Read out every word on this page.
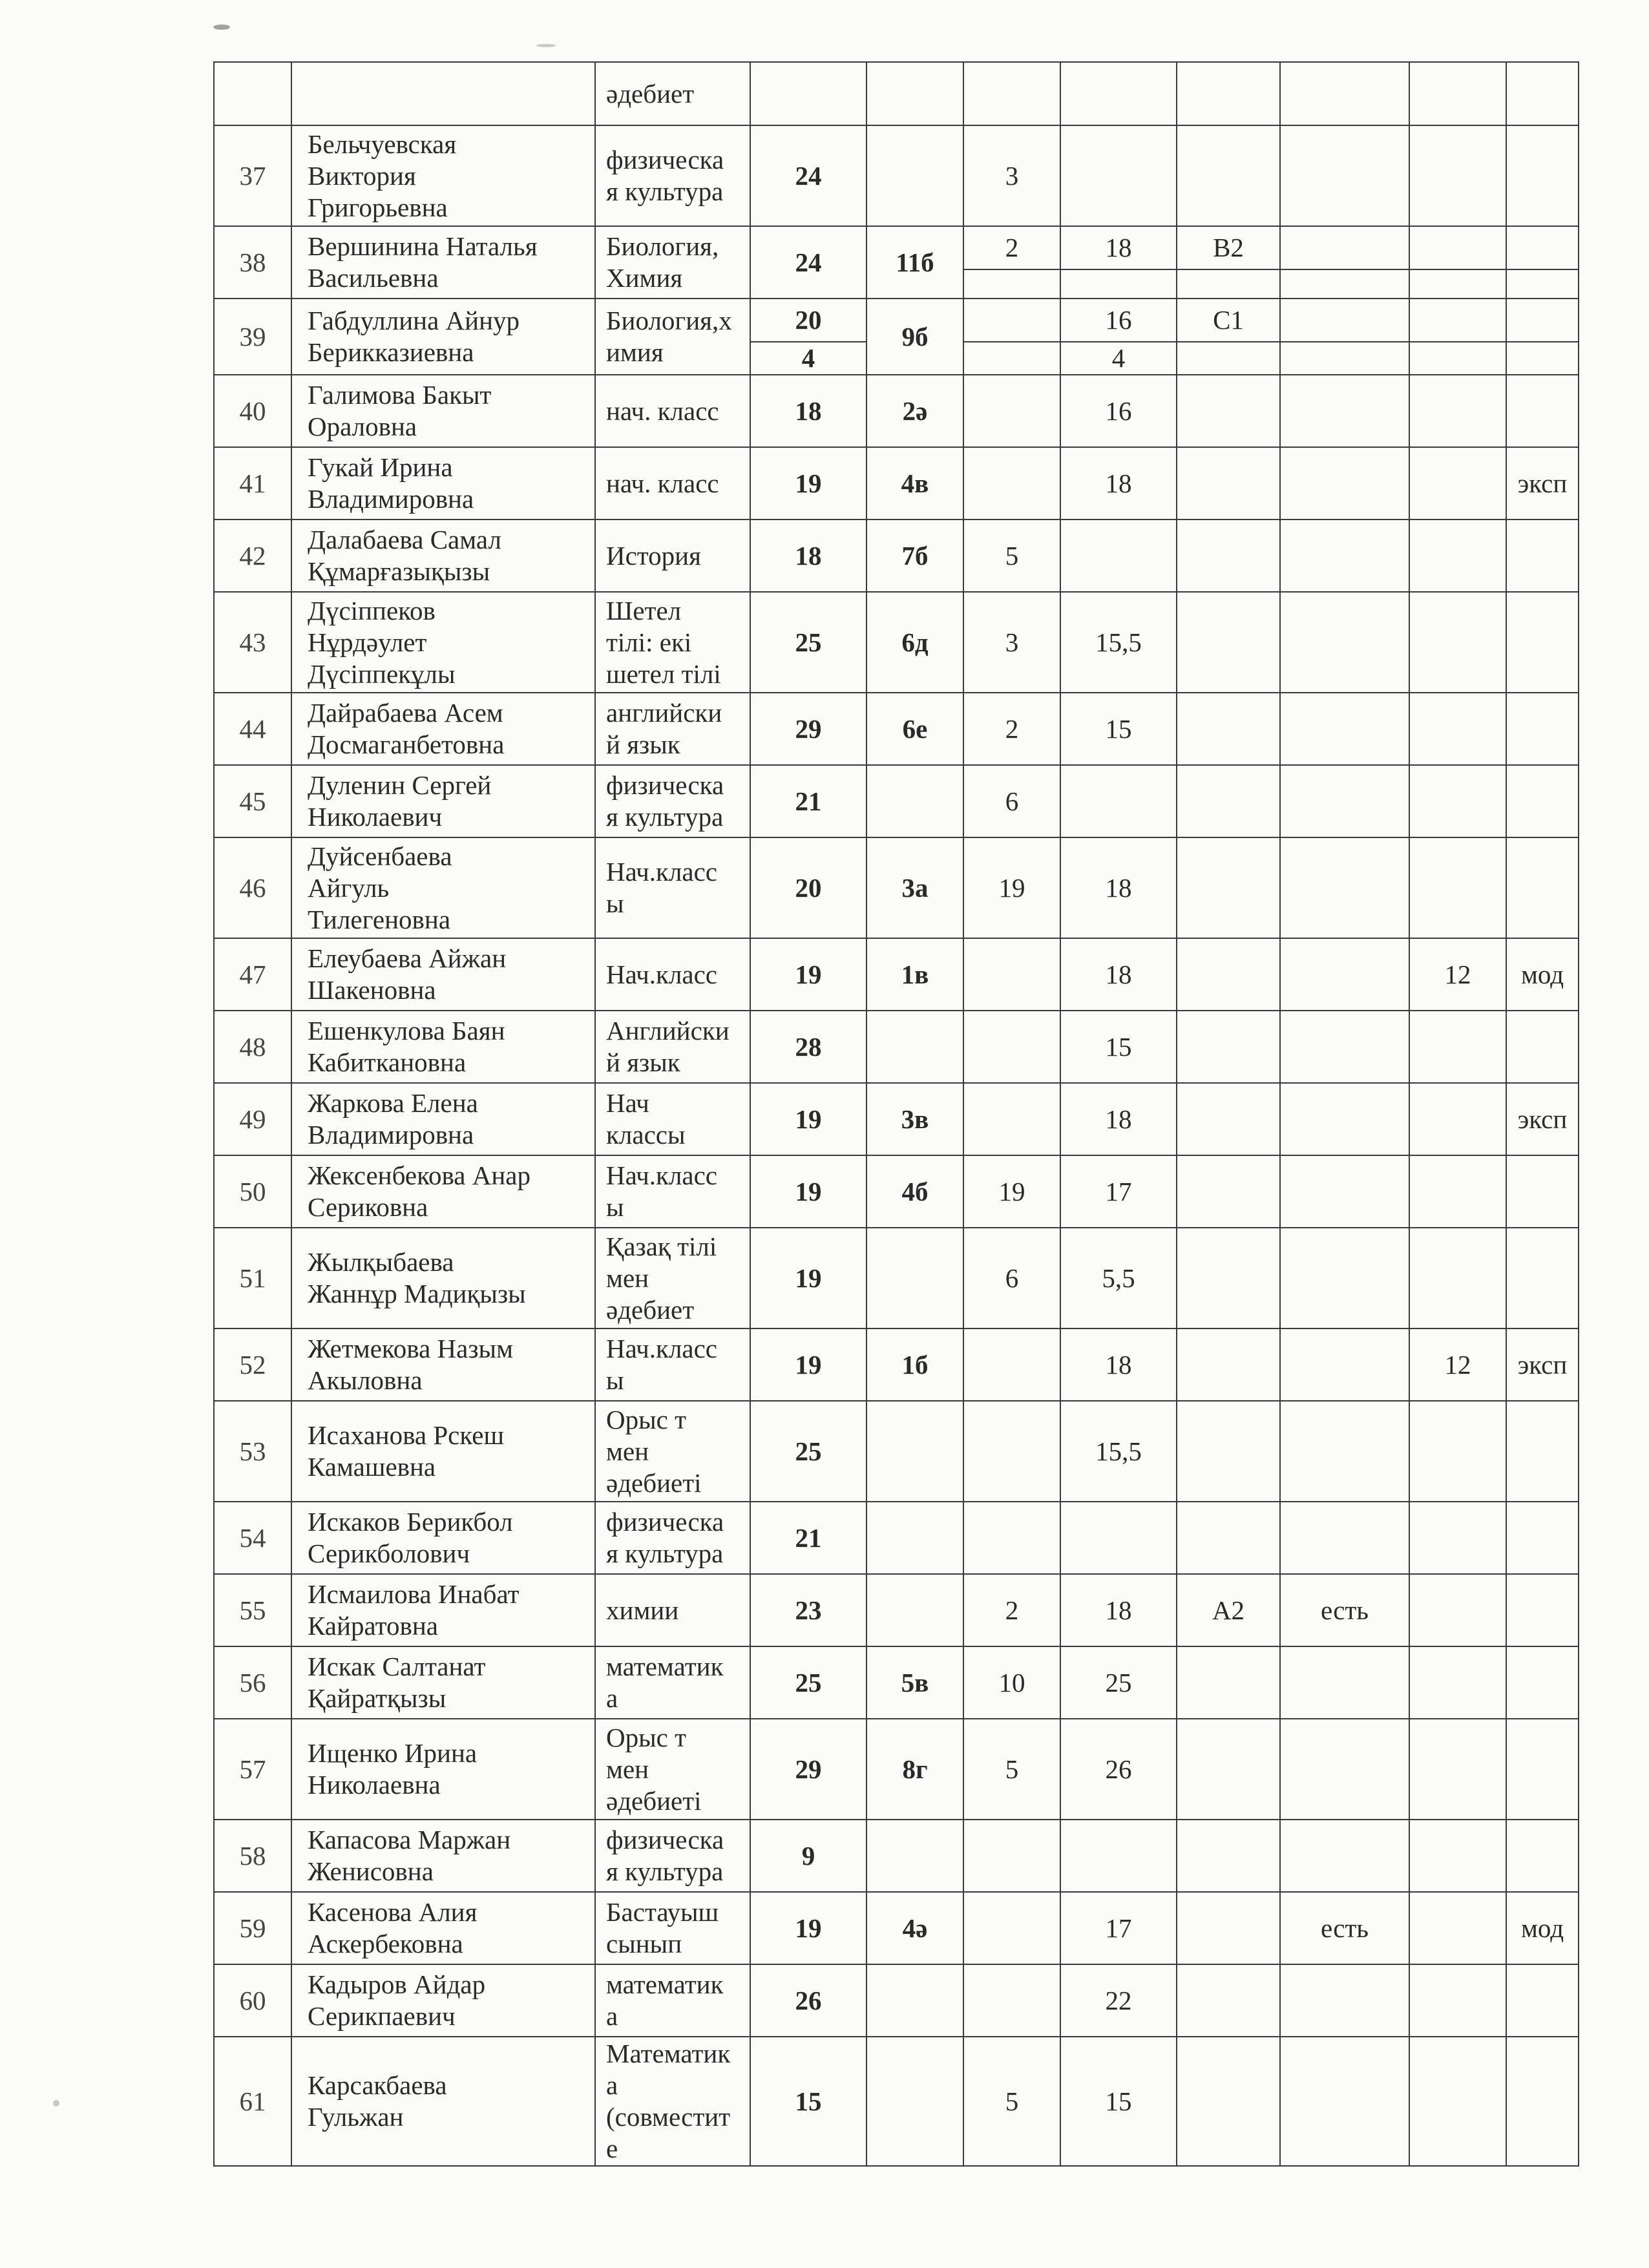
		әдебиет								
37	Бельчуевская
Виктория
Григорьевна	физическа
я культура	24		3					
38	Вершинина Наталья
Васильевна	Биология,
Химия	24	11б	2	18	B2			

39	Габдуллина Айнур
Берикказиевна	Биология,х
имия	20	9б		16	C1			
			4			4				
40	Галимова Бакыт
Ораловна	нач. класс	18	2ә		16				
41	Гукай Ирина
Владимировна	нач. класс	19	4в		18				эксп
42	Далабаева Самал
Құмарғазықызы	История	18	7б	5					
43	Дүсіппеков
Нұрдәулет
Дүсіппекұлы	Шетел
тілі: екі
шетел тілі	25	6д	3	15,5				
44	Дайрабаева Асем
Досмаганбетовна	английски
й язык	29	6е	2	15				
45	Дуленин Сергей
Николаевич	физическа
я культура	21		6					
46	Дуйсенбаева
Айгуль
Тилегеновна	Нач.класс
ы	20	3а	19	18				
47	Елеубаева Айжан
Шакеновна	Нач.класс	19	1в		18			12	мод
48	Ешенкулова Баян
Кабиткановна	Английски
й язык	28			15				
49	Жаркова Елена
Владимировна	Нач
классы	19	3в		18				эксп
50	Жексенбекова Анар
Сериковна	Нач.класс
ы	19	4б	19	17				
51	Жылқыбаева
Жаннұр Мадиқызы	Қазақ тілі
мен
әдебиет	19		6	5,5				
52	Жетмекова Назым
Акыловна	Нач.класс
ы	19	1б		18			12	эксп
53	Исаханова Рскеш
Камашевна	Орыс т
мен
әдебиеті	25			15,5				
54	Искаков Берикбол
Серикболович	физическа
я культура	21							
55	Исмаилова Инабат
Кайратовна	химии	23		2	18	A2	есть		
56	Искак Салтанат
Қайратқызы	математик
а	25	5в	10	25				
57	Ищенко Ирина
Николаевна	Орыс т
мен
әдебиеті	29	8г	5	26				
58	Капасова Маржан
Женисовна	физическа
я культура	9							
59	Касенова Алия
Аскербековна	Бастауыш
сынып	19	4ә		17		есть		мод
60	Кадыров Айдар
Серикпаевич	математик
а	26			22				
61	Карсакбаева
Гульжан	Математик
а
(совместит
е	15		5	15				
